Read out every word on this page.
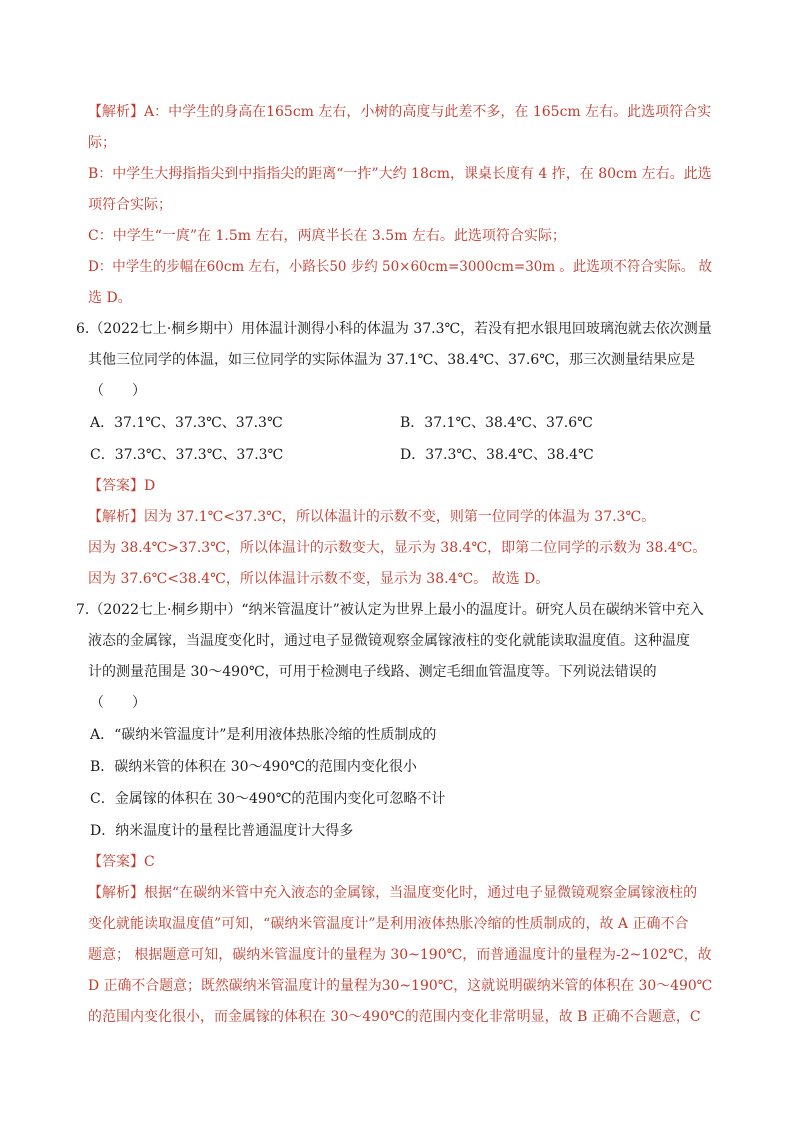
【解析】A：中学生的身高在165cm 左右，小树的高度与此差不多，在 165cm 左右。此选项符合实
际；
B：中学生大拇指指尖到中指指尖的距离“一拃”大约 18cm，课桌长度有 4 拃，在 80cm 左右。此选
项符合实际；
C：中学生“一庹”在 1.5m 左右，两庹半长在 3.5m 左右。此选项符合实际；
D：中学生的步幅在60cm 左右，小路长50 步约 50×60cm=3000cm=30m 。此选项不符合实际。 故
选 D。
6.（2022七上·桐乡期中）用体温计测得小科的体温为 37.3℃，若没有把水银甩回玻璃泡就去依次测量
其他三位同学的体温，如三位同学的实际体温为 37.1℃、38.4℃、37.6℃，那三次测量结果应是
（　　）
A．37.1℃、37.3℃、37.3℃	B．37.1℃、38.4℃、37.6℃
C．37.3℃、37.3℃、37.3℃	D．37.3℃、38.4℃、38.4℃
【答案】D
【解析】因为 37.1℃<37.3℃，所以体温计的示数不变，则第一位同学的体温为 37.3℃。
因为 38.4℃>37.3℃，所以体温计的示数变大，显示为 38.4℃，即第二位同学的示数为 38.4℃。
因为 37.6℃<38.4℃，所以体温计示数不变，显示为 38.4℃。 故选 D。
7.（2022七上·桐乡期中）“纳米管温度计”被认定为世界上最小的温度计。研究人员在碳纳米管中充入
液态的金属镓，当温度变化时，通过电子显微镜观察金属镓液柱的变化就能读取温度值。这种温度
计的测量范围是 30～490℃，可用于检测电子线路、测定毛细血管温度等。下列说法错误的
（　　）
A．“碳纳米管温度计”是利用液体热胀冷缩的性质制成的
B．碳纳米管的体积在 30～490℃的范围内变化很小
C．金属镓的体积在 30～490℃的范围内变化可忽略不计
D．纳米温度计的量程比普通温度计大得多
【答案】C
【解析】根据“在碳纳米管中充入液态的金属镓，当温度变化时，通过电子显微镜观察金属镓液柱的
变化就能读取温度值”可知，“碳纳米管温度计”是利用液体热胀冷缩的性质制成的，故 A 正确不合
题意； 根据题意可知，碳纳米管温度计的量程为 30~190℃，而普通温度计的量程为-2~102℃，故
D 正确不合题意；既然碳纳米管温度计的量程为30~190℃，这就说明碳纳米管的体积在 30～490℃
的范围内变化很小，而金属镓的体积在 30～490℃的范围内变化非常明显，故 B 正确不合题意，C
